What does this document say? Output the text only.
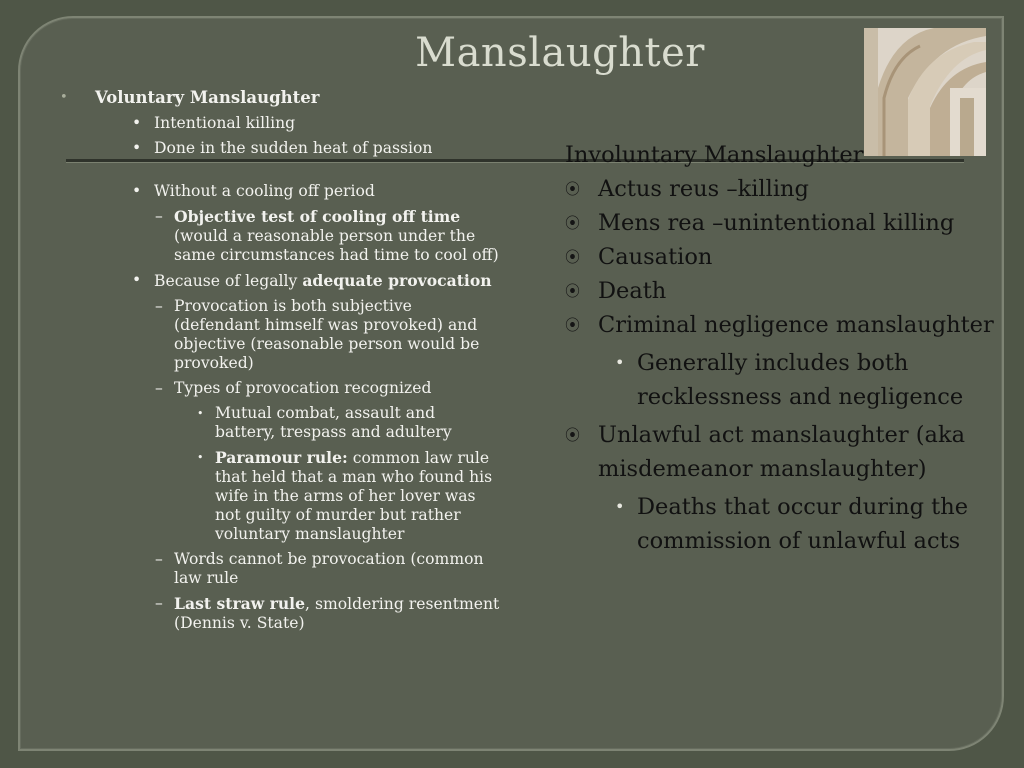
Manslaughter
• Voluntary Manslaughter
• Intentional killing
• Done in the sudden heat of passion
• Without a cooling off period
– Objective test of cooling off time (would a reasonable person under the same circumstances had time to cool off)
• Because of legally adequate provocation
– Provocation is both subjective (defendant himself was provoked) and objective (reasonable person would be provoked)
– Types of provocation recognized
• Mutual combat, assault and battery, trespass and adultery
• Paramour rule: common law rule that held that a man who found his wife in the arms of her lover was not guilty of murder but rather voluntary manslaughter
– Words cannot be provocation (common law rule
– Last straw rule, smoldering resentment (Dennis v. State)
Involuntary Manslaughter
⦿ Actus reus –killing
⦿ Mens rea –unintentional killing
⦿ Causation
⦿ Death
⦿ Criminal negligence manslaughter
• Generally includes both recklessness and negligence
⦿ Unlawful act manslaughter (aka misdemeanor manslaughter)
• Deaths that occur during the commission of unlawful acts
